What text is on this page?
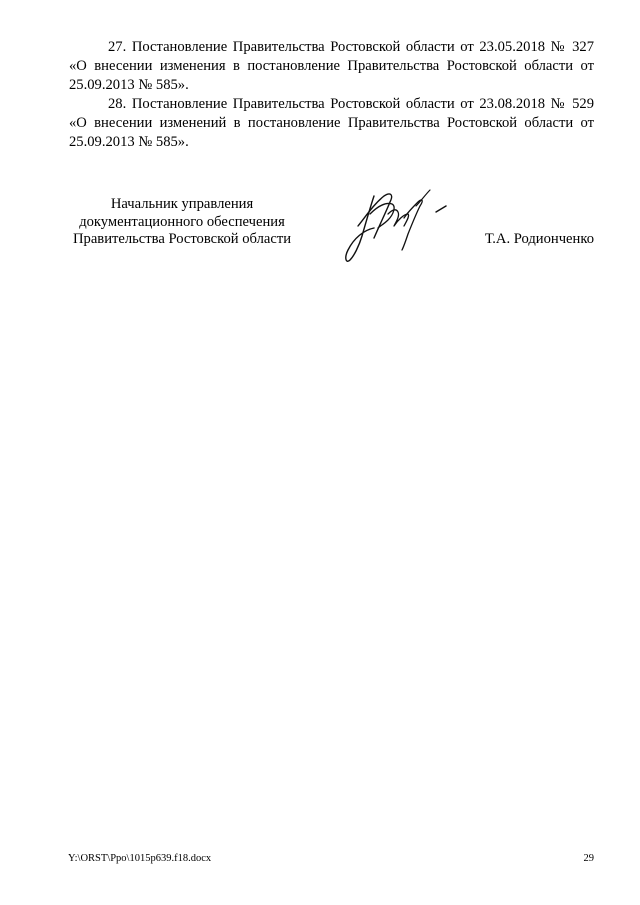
27. Постановление Правительства Ростовской области от 23.05.2018 № 327 «О внесении изменения в постановление Правительства Ростовской области от 25.09.2013 № 585».

28. Постановление Правительства Ростовской области от 23.08.2018 № 529 «О внесении изменений в постановление Правительства Ростовской области от 25.09.2013 № 585».

Начальник управления
документационного обеспечения
Правительства Ростовской области	Т.А. Родионченко
Y:\ORST\Ppo\1015p639.f18.docx	29
